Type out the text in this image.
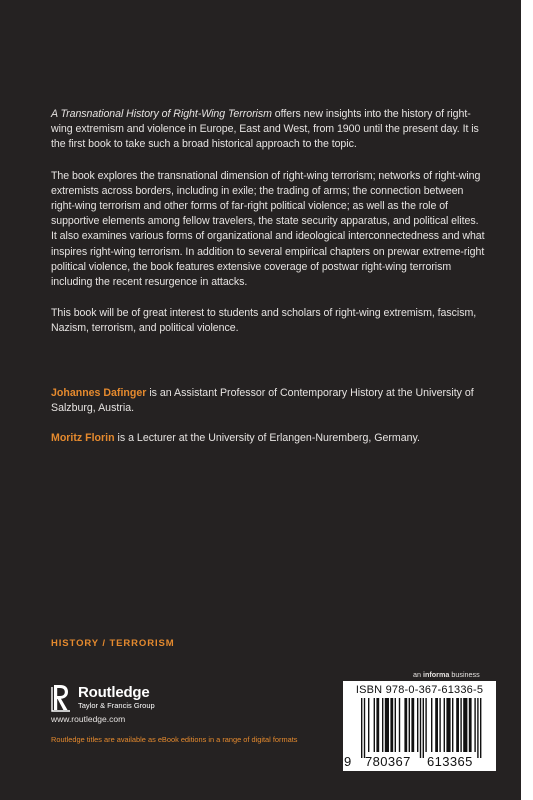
A Transnational History of Right-Wing Terrorism offers new insights into the history of right-wing extremism and violence in Europe, East and West, from 1900 until the present day. It is the first book to take such a broad historical approach to the topic.

The book explores the transnational dimension of right-wing terrorism; networks of right-wing extremists across borders, including in exile; the trading of arms; the connection between right-wing terrorism and other forms of far-right political violence; as well as the role of supportive elements among fellow travelers, the state security apparatus, and political elites. It also examines various forms of organizational and ideological interconnectedness and what inspires right-wing terrorism. In addition to several empirical chapters on prewar extreme-right political violence, the book features extensive coverage of postwar right-wing terrorism including the recent resurgence in attacks.

This book will be of great interest to students and scholars of right-wing extremism, fascism, Nazism, terrorism, and political violence.

Johannes Dafinger is an Assistant Professor of Contemporary History at the University of Salzburg, Austria.

Moritz Florin is a Lecturer at the University of Erlangen-Nuremberg, Germany.

HISTORY / TERRORISM
an informa business
Routledge
Taylor & Francis Group
www.routledge.com
Routledge titles are available as eBook editions in a range of digital formats
ISBN 978-0-367-61336-5
9 780367 613365
